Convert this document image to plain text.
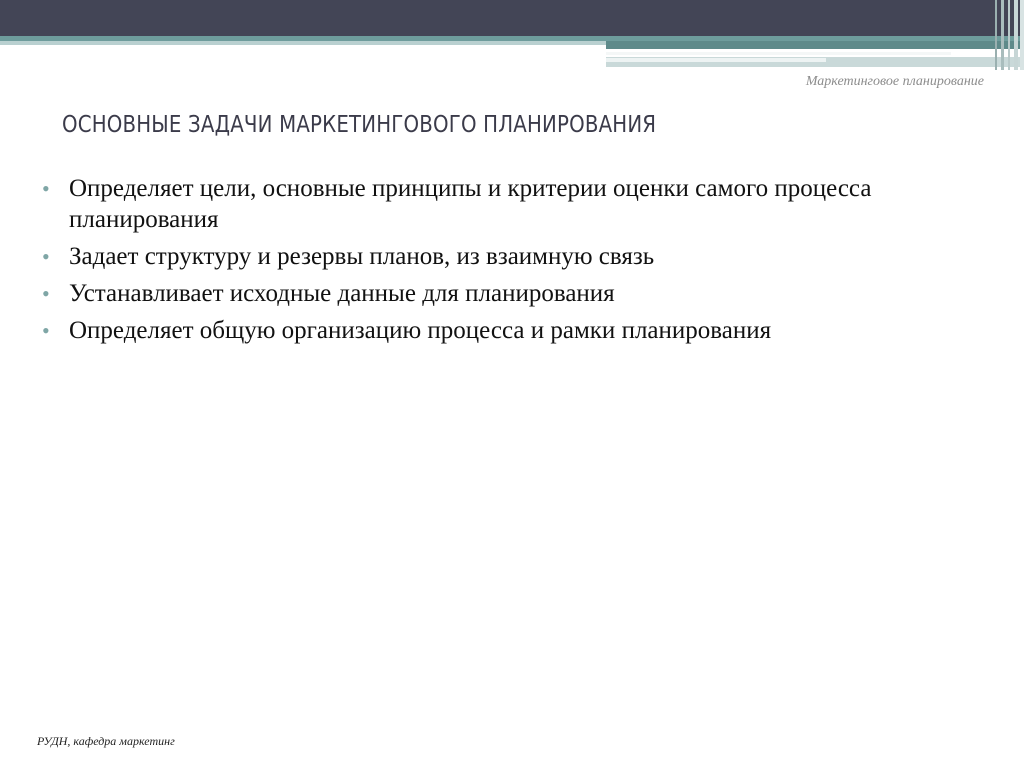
Маркетинговое планирование
ОСНОВНЫЕ ЗАДАЧИ МАРКЕТИНГОВОГО ПЛАНИРОВАНИЯ
• Определяет цели, основные принципы и критерии оценки самого процесса планирования
• Задает структуру и резервы планов, из взаимную связь
• Устанавливает исходные данные для планирования
• Определяет общую организацию процесса и рамки планирования
РУДН, кафедра маркетинг
